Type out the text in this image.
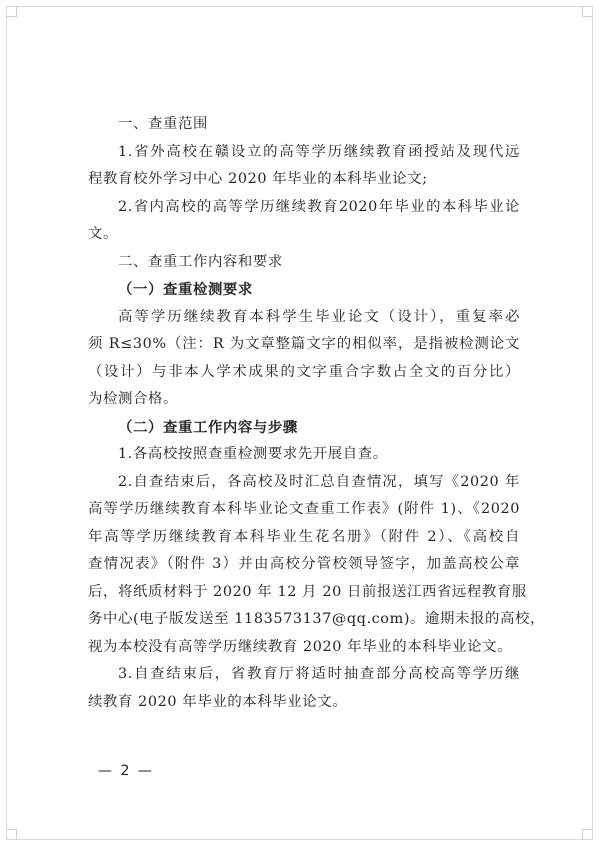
一、查重范围
1.省外高校在赣设立的高等学历继续教育函授站及现代远
程教育校外学习中心 2020 年毕业的本科毕业论文;
2.省内高校的高等学历继续教育2020年毕业的本科毕业论
文。
二、查重工作内容和要求
（一）查重检测要求
高等学历继续教育本科学生毕业论文（设计），重复率必
须 R≤30%（注：R 为文章整篇文字的相似率，是指被检测论文
（设计）与非本人学术成果的文字重合字数占全文的百分比）
为检测合格。
（二）查重工作内容与步骤
1.各高校按照查重检测要求先开展自查。
2.自查结束后，各高校及时汇总自查情况，填写《2020 年
高等学历继续教育本科毕业论文查重工作表》(附件 1)、《2020
年高等学历继续教育本科毕业生花名册》（附件 2）、《高校自
查情况表》（附件 3）并由高校分管校领导签字，加盖高校公章
后，将纸质材料于 2020 年 12 月 20 日前报送江西省远程教育服
务中心(电子版发送至 1183573137@qq.com)。逾期未报的高校，
视为本校没有高等学历继续教育 2020 年毕业的本科毕业论文。
3.自查结束后，省教育厅将适时抽查部分高校高等学历继
续教育 2020 年毕业的本科毕业论文。
— 2 —
